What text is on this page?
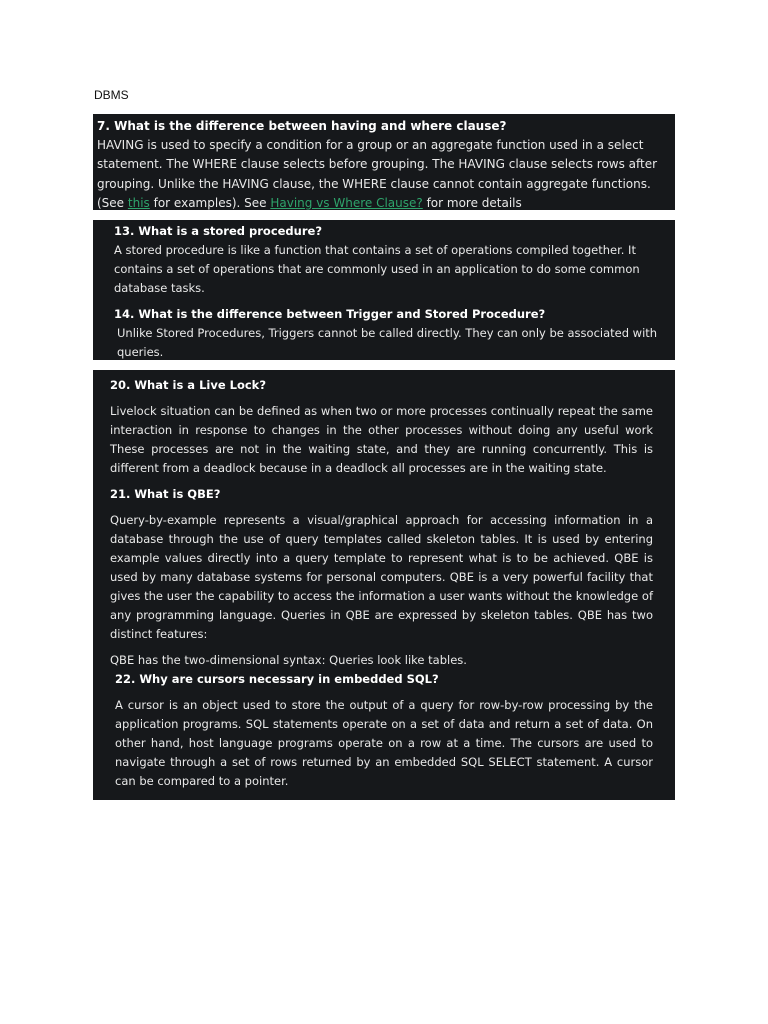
DBMS

7. What is the difference between having and where clause?

HAVING is used to specify a condition for a group or an aggregate function used in a select statement. The WHERE clause selects before grouping. The HAVING clause selects rows after grouping. Unlike the HAVING clause, the WHERE clause cannot contain aggregate functions. (See this for examples). See Having vs Where Clause? for more details

13. What is a stored procedure?

A stored procedure is like a function that contains a set of operations compiled together. It contains a set of operations that are commonly used in an application to do some common database tasks.

14. What is the difference between Trigger and Stored Procedure?

Unlike Stored Procedures, Triggers cannot be called directly. They can only be associated with queries.

20. What is a Live Lock?

Livelock situation can be defined as when two or more processes continually repeat the same interaction in response to changes in the other processes without doing any useful work These processes are not in the waiting state, and they are running concurrently. This is different from a deadlock because in a deadlock all processes are in the waiting state.

21. What is QBE?

Query-by-example represents a visual/graphical approach for accessing information in a database through the use of query templates called skeleton tables. It is used by entering example values directly into a query template to represent what is to be achieved. QBE is used by many database systems for personal computers. QBE is a very powerful facility that gives the user the capability to access the information a user wants without the knowledge of any programming language. Queries in QBE are expressed by skeleton tables. QBE has two distinct features:

QBE has the two-dimensional syntax: Queries look like tables.

22. Why are cursors necessary in embedded SQL?

A cursor is an object used to store the output of a query for row-by-row processing by the application programs. SQL statements operate on a set of data and return a set of data. On other hand, host language programs operate on a row at a time. The cursors are used to navigate through a set of rows returned by an embedded SQL SELECT statement. A cursor can be compared to a pointer.
